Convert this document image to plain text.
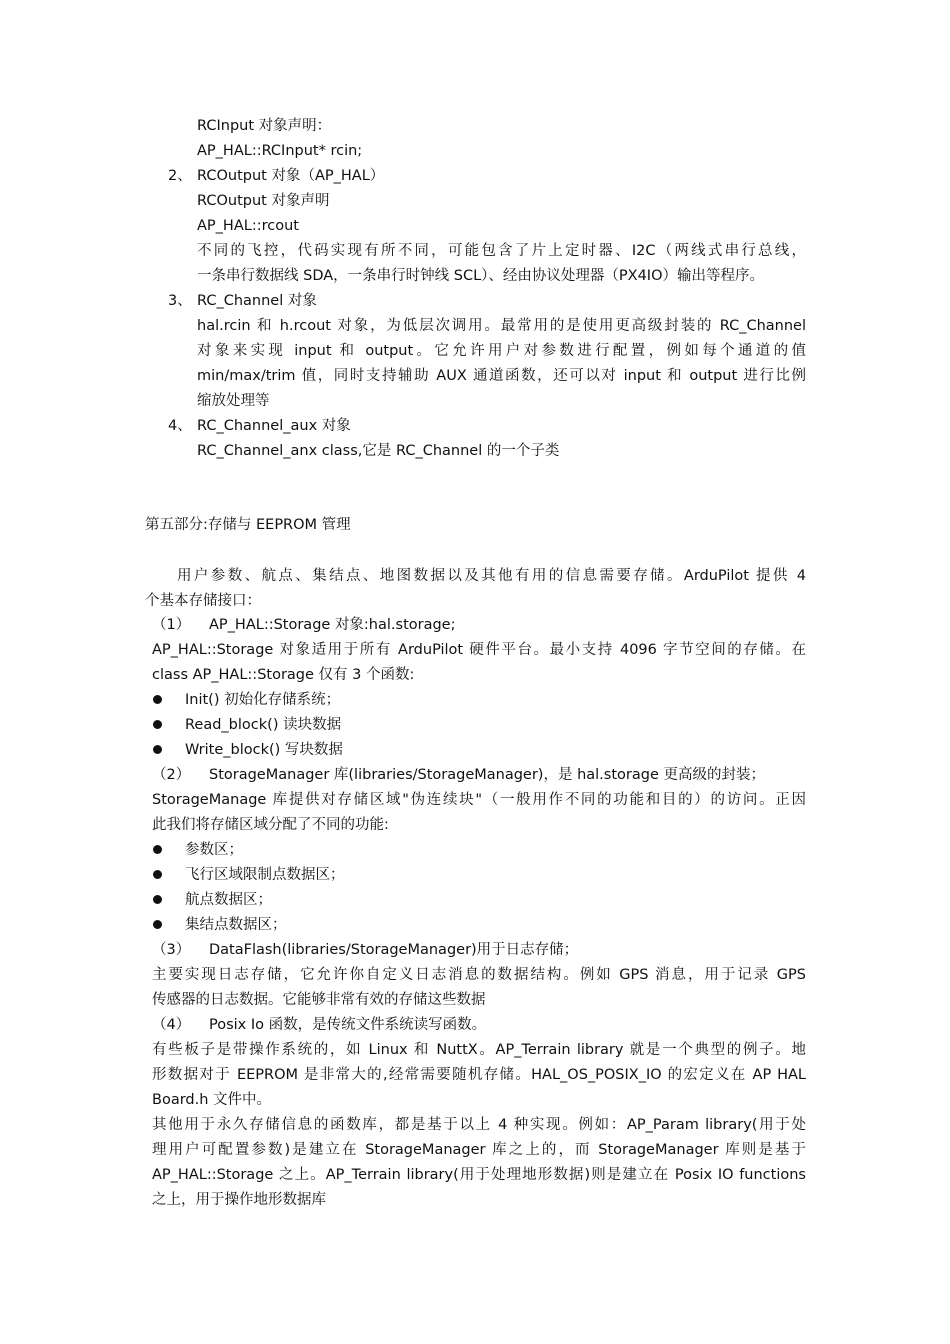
RCInput 对象声明：
AP_HAL::RCInput* rcin;
2、 RCOutput 对象（AP_HAL）
RCOutput 对象声明
AP_HAL::rcout
不同的飞控，代码实现有所不同，可能包含了片上定时器、I2C（两线式串行总线，
一条串行数据线 SDA，一条串行时钟线 SCL）、经由协议处理器（PX4IO）输出等程序。
3、 RC_Channel 对象
hal.rcin 和 h.rcout 对象，为低层次调用。最常用的是使用更高级封装的 RC_Channel
对象来实现 input 和 output。它允许用户对参数进行配置，例如每个通道的值
min/max/trim 值，同时支持辅助 AUX 通道函数，还可以对 input 和 output 进行比例
缩放处理等
4、 RC_Channel_aux 对象
RC_Channel_anx class,它是 RC_Channel 的一个子类
第五部分:存储与 EEPROM 管理
用户参数、航点、集结点、地图数据以及其他有用的信息需要存储。ArduPilot 提供 4
个基本存储接口：
（1） AP_HAL::Storage 对象:hal.storage;
AP_HAL::Storage 对象适用于所有 ArduPilot 硬件平台。最小支持 4096 字节空间的存储。在
class AP_HAL::Storage 仅有 3 个函数:
Init() 初始化存储系统；
Read_block() 读块数据
Write_block() 写块数据
（2） StorageManager 库(libraries/StorageManager)，是 hal.storage 更高级的封装；
StorageManage 库提供对存储区域"伪连续块"（一般用作不同的功能和目的）的访问。正因
此我们将存储区域分配了不同的功能:
参数区；
飞行区域限制点数据区；
航点数据区；
集结点数据区；
（3） DataFlash(libraries/StorageManager)用于日志存储；
主要实现日志存储，它允许你自定义日志消息的数据结构。例如 GPS 消息，用于记录 GPS
传感器的日志数据。它能够非常有效的存储这些数据
（4） Posix Io 函数，是传统文件系统读写函数。
有些板子是带操作系统的，如 Linux 和 NuttX。AP_Terrain library 就是一个典型的例子。地
形数据对于 EEPROM 是非常大的,经常需要随机存储。HAL_OS_POSIX_IO 的宏定义在 AP HAL
Board.h 文件中。
其他用于永久存储信息的函数库，都是基于以上 4 种实现。例如：AP_Param library(用于处
理用户可配置参数)是建立在 StorageManager 库之上的，而 StorageManager 库则是基于
AP_HAL::Storage 之上。AP_Terrain library(用于处理地形数据)则是建立在 Posix IO functions
之上，用于操作地形数据库
